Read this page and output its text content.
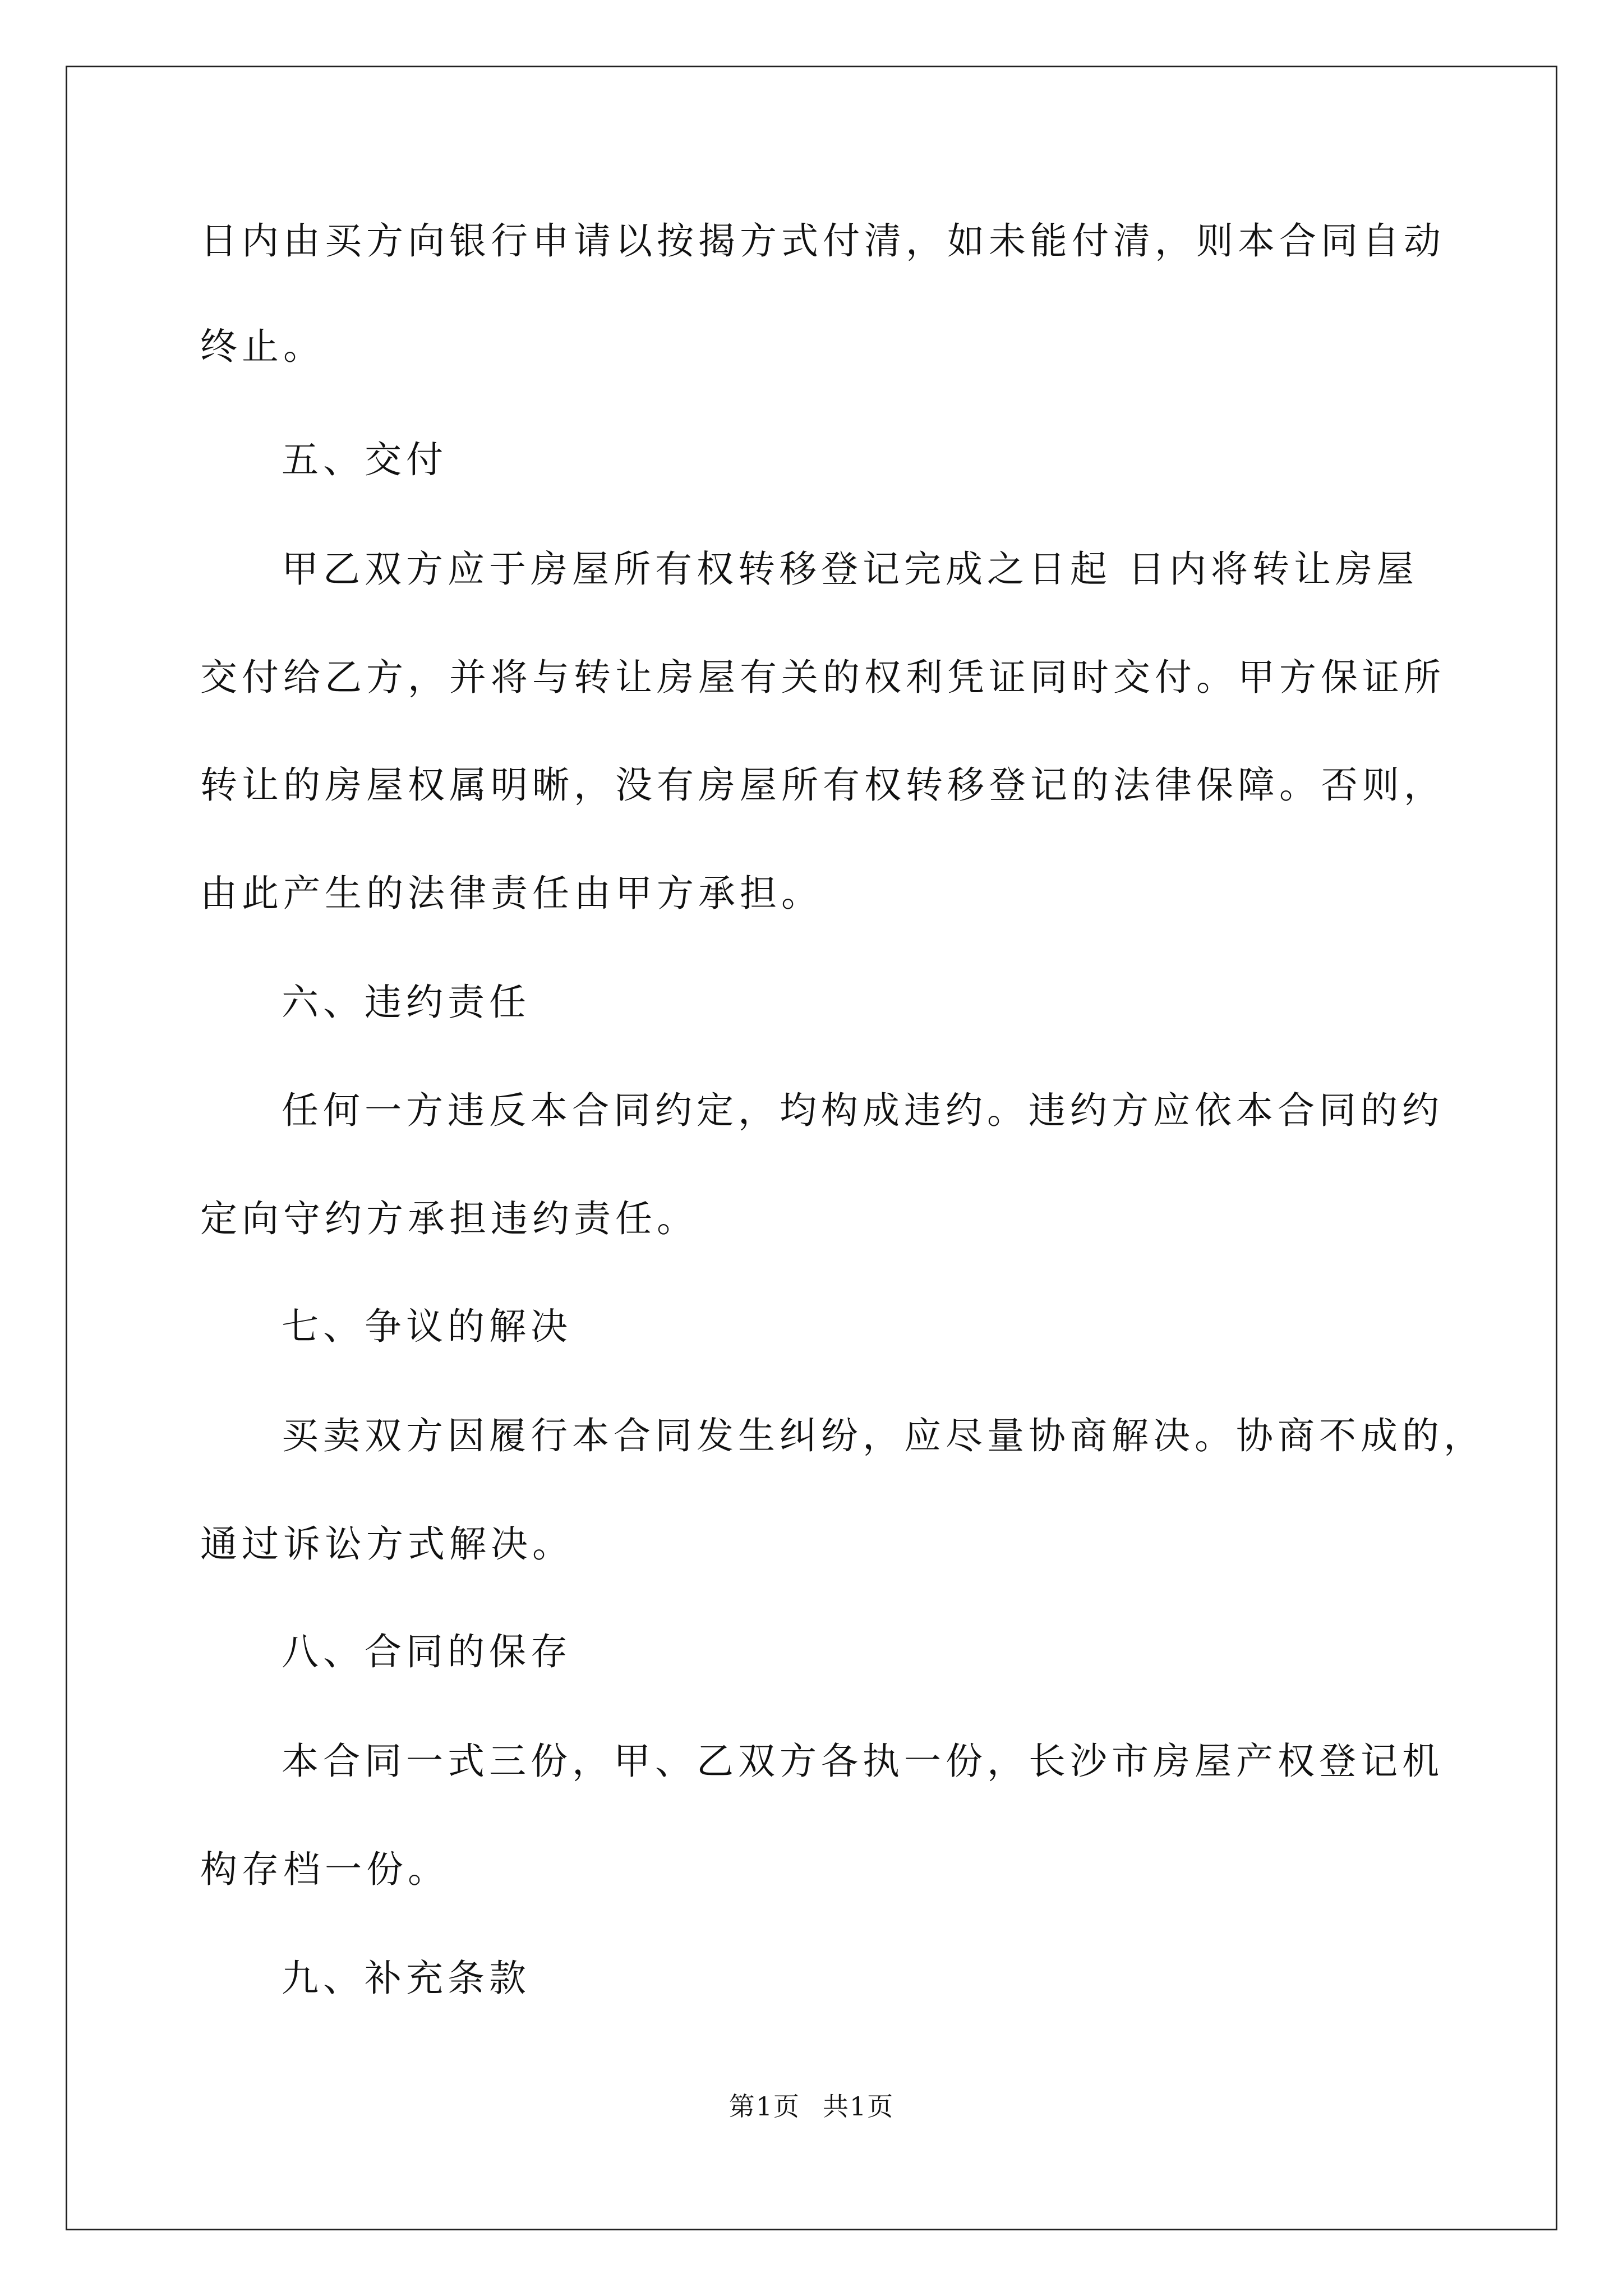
日内由买方向银行申请以按揭方式付清，如未能付清，则本合同自动
终止。
五、交付
甲乙双方应于房屋所有权转移登记完成之日起 日内将转让房屋
交付给乙方，并将与转让房屋有关的权利凭证同时交付。甲方保证所
转让的房屋权属明晰，没有房屋所有权转移登记的法律保障。否则，
由此产生的法律责任由甲方承担。
六、违约责任
任何一方违反本合同约定，均构成违约。违约方应依本合同的约
定向守约方承担违约责任。
七、争议的解决
买卖双方因履行本合同发生纠纷，应尽量协商解决。协商不成的，
通过诉讼方式解决。
八、合同的保存
本合同一式三份，甲、乙双方各执一份，长沙市房屋产权登记机
构存档一份。
九、补充条款
第1页 共1页
